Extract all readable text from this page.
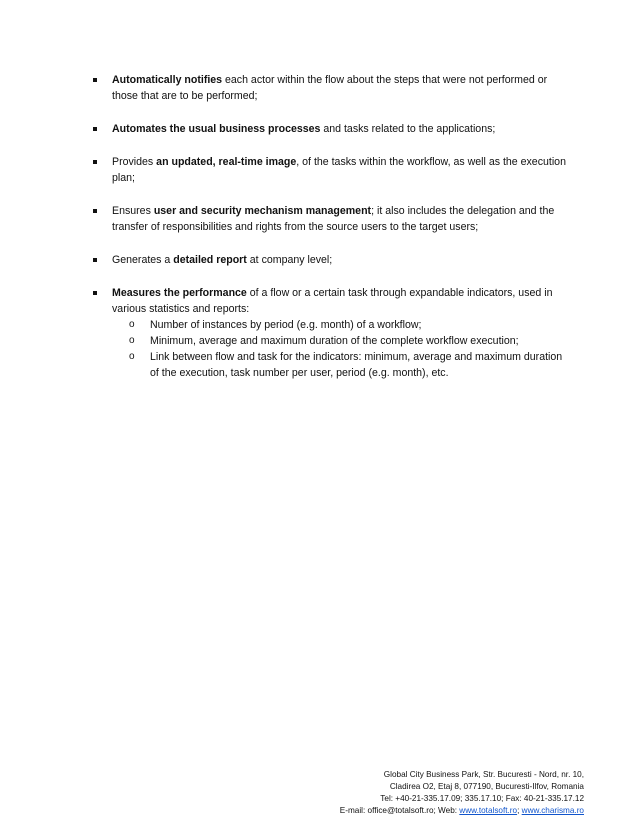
Automatically notifies each actor within the flow about the steps that were not performed or those that are to be performed;
Automates the usual business processes and tasks related to the applications;
Provides an updated, real-time image, of the tasks within the workflow, as well as the execution plan;
Ensures user and security mechanism management; it also includes the delegation and the transfer of responsibilities and rights from the source users to the target users;
Generates a detailed report at company level;
Measures the performance of a flow or a certain task through expandable indicators, used in various statistics and reports:
o Number of instances by period (e.g. month) of a workflow;
o Minimum, average and maximum duration of the complete workflow execution;
o Link between flow and task for the indicators: minimum, average and maximum duration of the execution, task number per user, period (e.g. month), etc.
Global City Business Park, Str. Bucuresti - Nord, nr. 10,
Cladirea O2, Etaj 8, 077190, Bucuresti-Ilfov, Romania
Tel: +40-21-335.17.09; 335.17.10; Fax: 40-21-335.17.12
E-mail: office@totalsoft.ro; Web: www.totalsoft.ro; www.charisma.ro
